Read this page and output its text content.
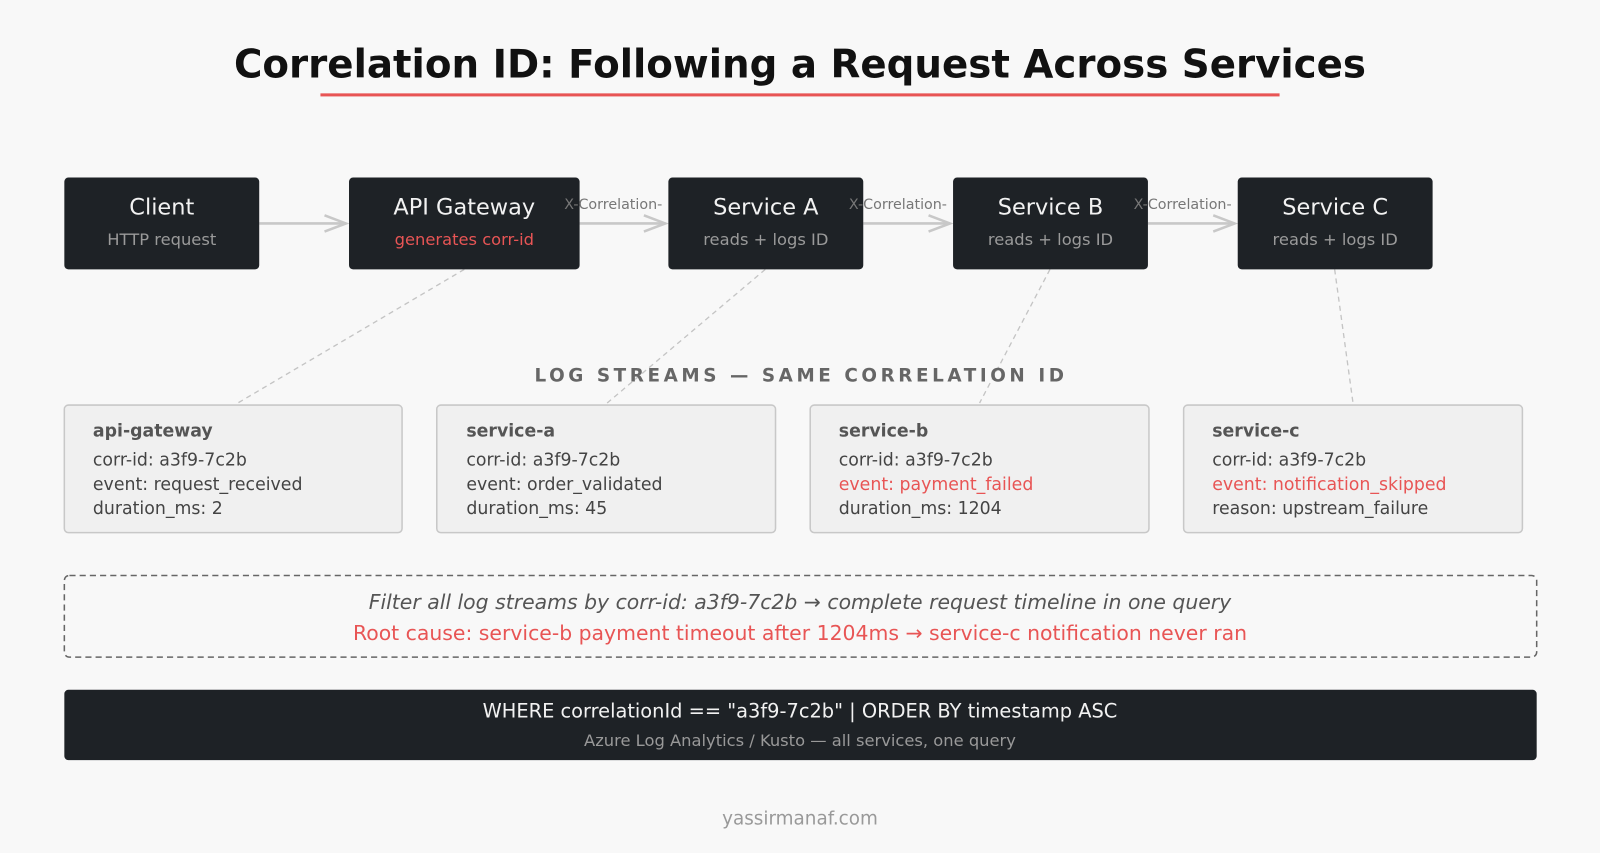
Correlation ID: Following a Request Across Services
Client
HTTP request
API Gateway
generates corr-id
Service A
reads + logs ID
Service B
reads + logs ID
Service C
reads + logs ID
X-Correlation-	X-Correlation-	X-Correlation-
LOG STREAMS — SAME CORRELATION ID
api-gateway
corr-id: a3f9-7c2b
event: request_received
duration_ms: 2
service-a
corr-id: a3f9-7c2b
event: order_validated
duration_ms: 45
service-b
corr-id: a3f9-7c2b
event: payment_failed
duration_ms: 1204
service-c
corr-id: a3f9-7c2b
event: notification_skipped
reason: upstream_failure
Filter all log streams by corr-id: a3f9-7c2b → complete request timeline in one query
Root cause: service-b payment timeout after 1204ms → service-c notification never ran
WHERE correlationId == "a3f9-7c2b" | ORDER BY timestamp ASC
Azure Log Analytics / Kusto — all services, one query
yassirmanaf.com
